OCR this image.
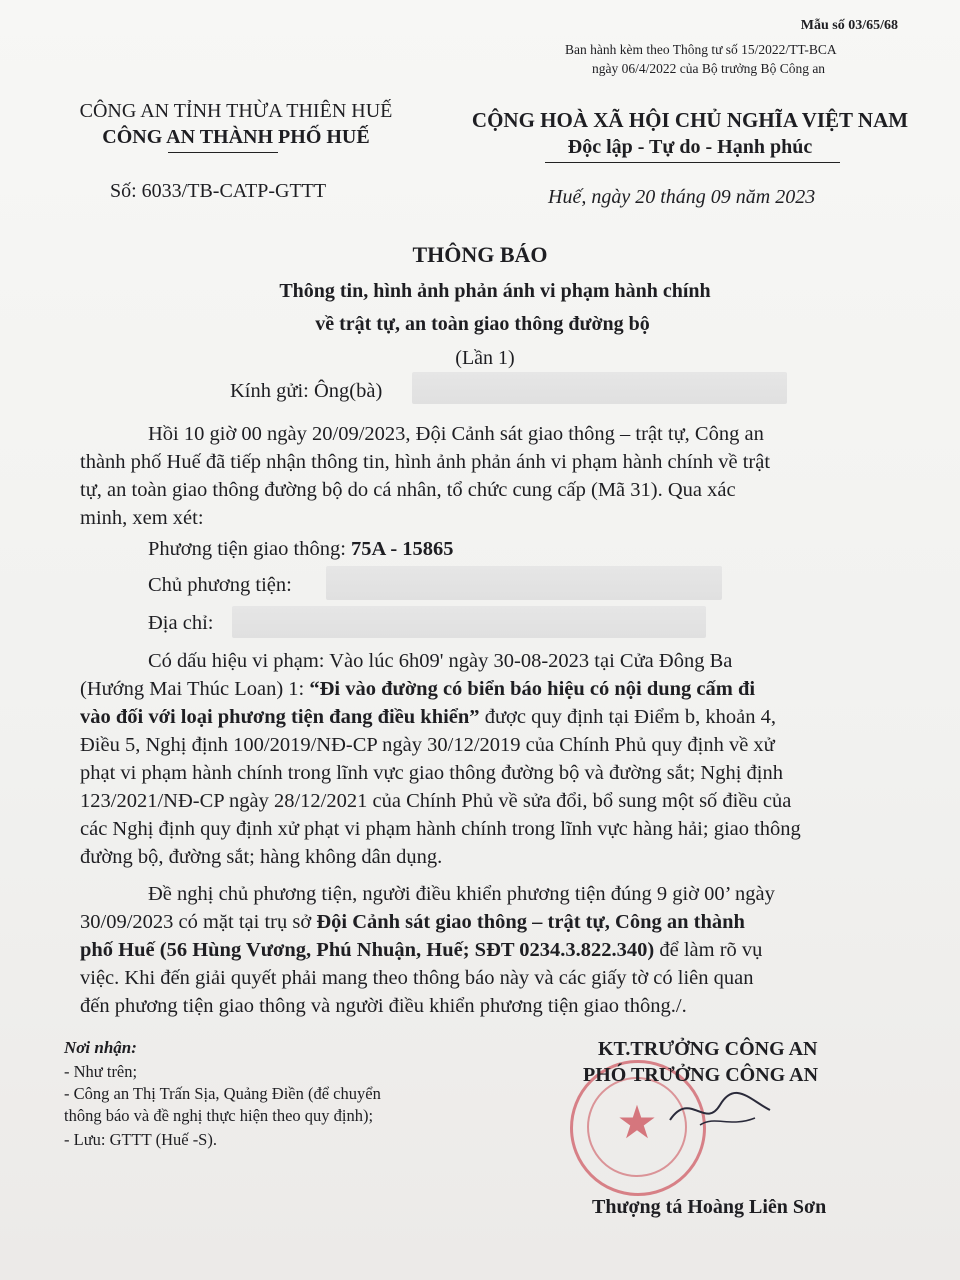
Mẫu số 03/65/68
Ban hành kèm theo Thông tư số 15/2022/TT-BCA
ngày 06/4/2022 của Bộ trưởng Bộ Công an
CÔNG AN TỈNH THỪA THIÊN HUẾ
CÔNG AN THÀNH PHỐ HUẾ
CỘNG HOÀ XÃ HỘI CHỦ NGHĨA VIỆT NAM
Độc lập - Tự do - Hạnh phúc
Số: 6033/TB-CATP-GTTT	Huế, ngày 20 tháng 09 năm 2023
THÔNG BÁO
Thông tin, hình ảnh phản ánh vi phạm hành chính
về trật tự, an toàn giao thông đường bộ
(Lần 1)
Kính gửi: Ông(bà)
Hồi 10 giờ 00 ngày 20/09/2023, Đội Cảnh sát giao thông – trật tự, Công an
thành phố Huế đã tiếp nhận thông tin, hình ảnh phản ánh vi phạm hành chính về trật
tự, an toàn giao thông đường bộ do cá nhân, tổ chức cung cấp (Mã 31). Qua xác
minh, xem xét:
Phương tiện giao thông: 75A - 15865
Chủ phương tiện:
Địa chỉ:
Có dấu hiệu vi phạm: Vào lúc 6h09' ngày 30-08-2023 tại Cửa Đông Ba
(Hướng Mai Thúc Loan) 1: “Đi vào đường có biển báo hiệu có nội dung cấm đi
vào đối với loại phương tiện đang điều khiển” được quy định tại Điểm b, khoản 4,
Điều 5, Nghị định 100/2019/NĐ-CP ngày 30/12/2019 của Chính Phủ quy định về xử
phạt vi phạm hành chính trong lĩnh vực giao thông đường bộ và đường sắt; Nghị định
123/2021/NĐ-CP ngày 28/12/2021 của Chính Phủ về sửa đổi, bổ sung một số điều của
các Nghị định quy định xử phạt vi phạm hành chính trong lĩnh vực hàng hải; giao thông
đường bộ, đường sắt; hàng không dân dụng.
Đề nghị chủ phương tiện, người điều khiển phương tiện đúng 9 giờ 00’ ngày
30/09/2023 có mặt tại trụ sở Đội Cảnh sát giao thông – trật tự, Công an thành
phố Huế (56 Hùng Vương, Phú Nhuận, Huế; SĐT 0234.3.822.340) để làm rõ vụ
việc. Khi đến giải quyết phải mang theo thông báo này và các giấy tờ có liên quan
đến phương tiện giao thông và người điều khiển phương tiện giao thông./.
Nơi nhận:
- Như trên;
- Công an Thị Trấn Sịa, Quảng Điền (để chuyển
thông báo và đề nghị thực hiện theo quy định);
- Lưu: GTTT (Huế -S).	★
KT.TRƯỞNG CÔNG AN
PHÓ TRƯỞNG CÔNG AN
Thượng tá Hoàng Liên Sơn
